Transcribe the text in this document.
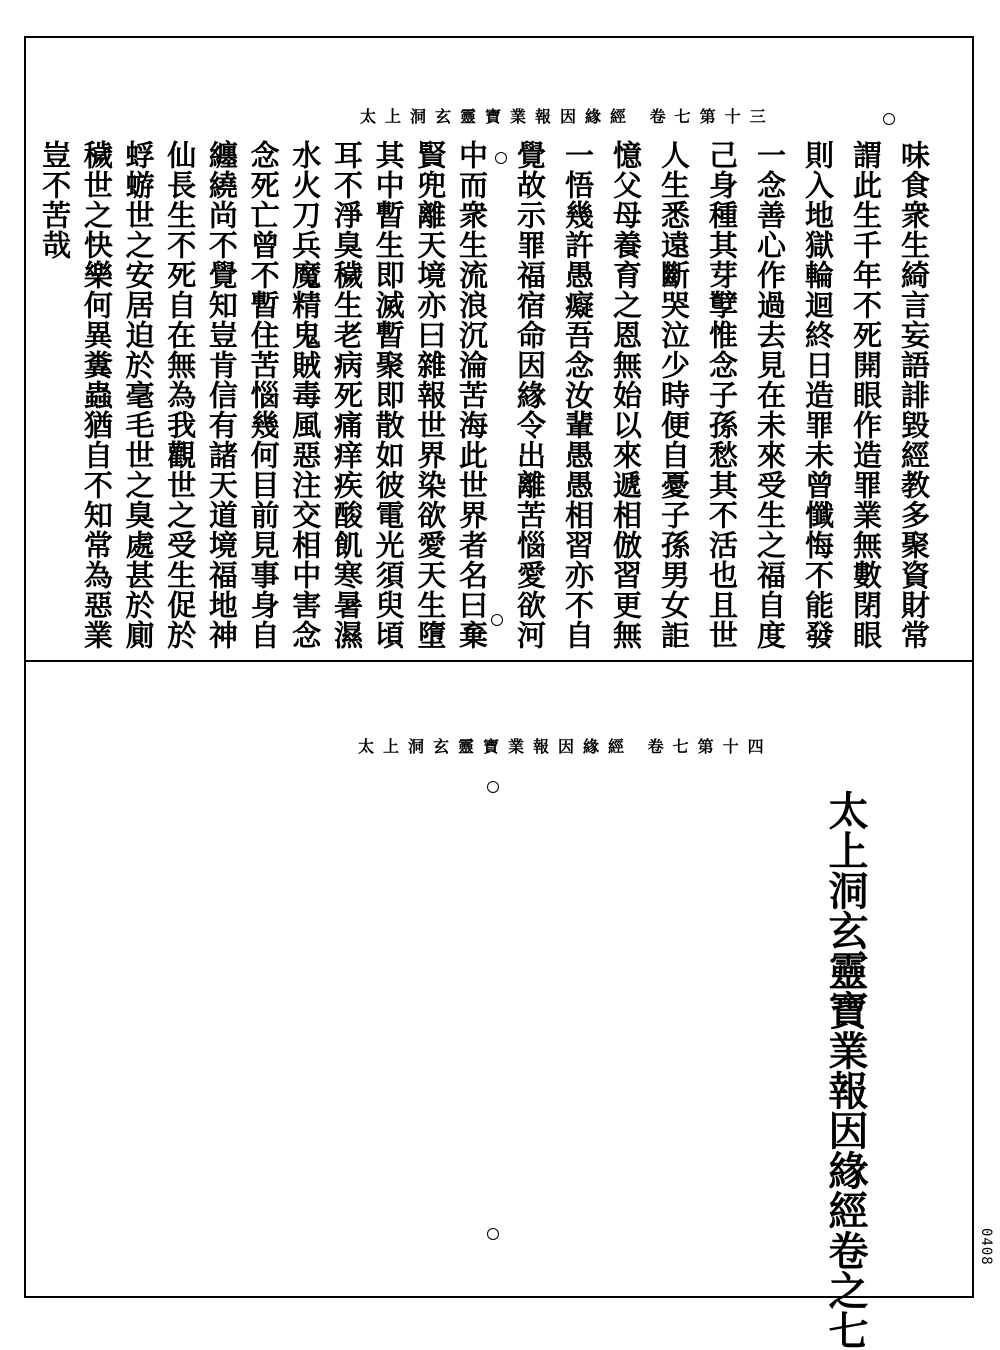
太上洞玄靈寶業報因緣經 卷七第十三
味食衆生綺言妄語誹毀經教多聚資財常
謂此生千年不死開眼作造罪業無數閉眼
則入地獄輪迴終日造罪未曾懺悔不能發
一念善心作過去見在未來受生之福自度
己身種其芽孼惟念子孫愁其不活也且世
人生悉遠斷哭泣少時便自憂子孫男女詎
憶父母養育之恩無始以來遞相倣習更無
一悟幾許愚癡吾念汝輩愚愚相習亦不自
覺故示罪福宿命因緣令出離苦惱愛欲河
中而衆生流浪沉淪苦海此世界者名曰棄
賢兜離天境亦曰雜報世界染欲愛天生墮
其中暫生即滅暫聚即散如彼電光須臾頃
耳不淨臭穢生老病死痛痒疾酸飢寒暑濕
水火刀兵魔精鬼賊毒風惡注交相中害念
念死亡曾不暫住苦惱幾何目前見事身自
纏繞尚不覺知豈肯信有諸天道境福地神
仙長生不死自在無為我觀世之受生促於
蜉蝣世之安居迫於毫毛世之臭處甚於廁
穢世之快樂何異糞蟲猶自不知常為惡業
豈不苦哉
太上洞玄靈寶業報因緣經 卷七第十四
太上洞玄靈寶業報因緣經卷之七	0408
